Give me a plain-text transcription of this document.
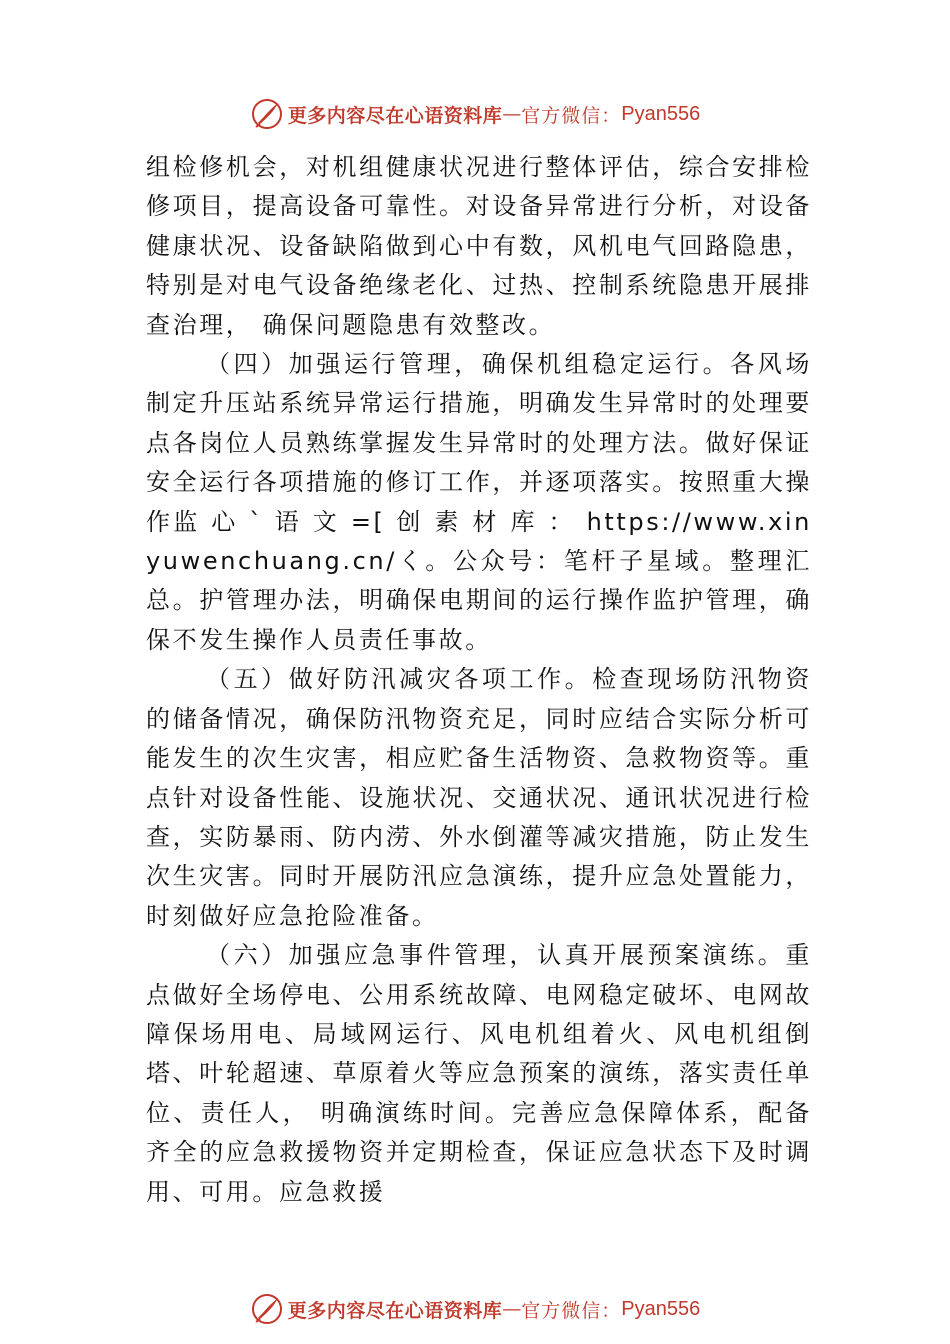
更多内容尽在心语资料库 — 官方微信： Pyan556

组检修机会，对机组健康状况进行整体评估，综合安排检修项目，提高设备可靠性。对设备异常进行分析，对设备健康状况、设备缺陷做到心中有数，风机电气回路隐患，特别是对电气设备绝缘老化、过热、控制系统隐患开展排查治理， 确保问题隐患有效整改。

（四）加强运行管理，确保机组稳定运行。各风场制定升压站系统异常运行措施，明确发生异常时的处理要点各岗位人员熟练掌握发生异常时的处理方法。做好保证安全运行各项措施的修订工作，并逐项落实。按照重大操作监 心 ` 语 文 =[ 创 素 材 库 ： https://www.xinyuwenchuang.cn/く。公众号：笔杆子星域。整理汇总。护管理办法，明确保电期间的运行操作监护管理，确保不发生操作人员责任事故。

（五）做好防汛减灾各项工作。检查现场防汛物资的储备情况，确保防汛物资充足，同时应结合实际分析可能发生的次生灾害，相应贮备生活物资、急救物资等。重点针对设备性能、设施状况、交通状况、通讯状况进行检查，实防暴雨、防内涝、外水倒灌等减灾措施，防止发生次生灾害。同时开展防汛应急演练，提升应急处置能力，时刻做好应急抢险准备。

（六）加强应急事件管理，认真开展预案演练。重点做好全场停电、公用系统故障、电网稳定破坏、电网故障保场用电、局域网运行、风电机组着火、风电机组倒塔、叶轮超速、草原着火等应急预案的演练，落实责任单位、责任人， 明确演练时间。完善应急保障体系，配备齐全的应急救援物资并定期检查，保证应急状态下及时调用、可用。应急救援

更多内容尽在心语资料库 — 官方微信： Pyan556
